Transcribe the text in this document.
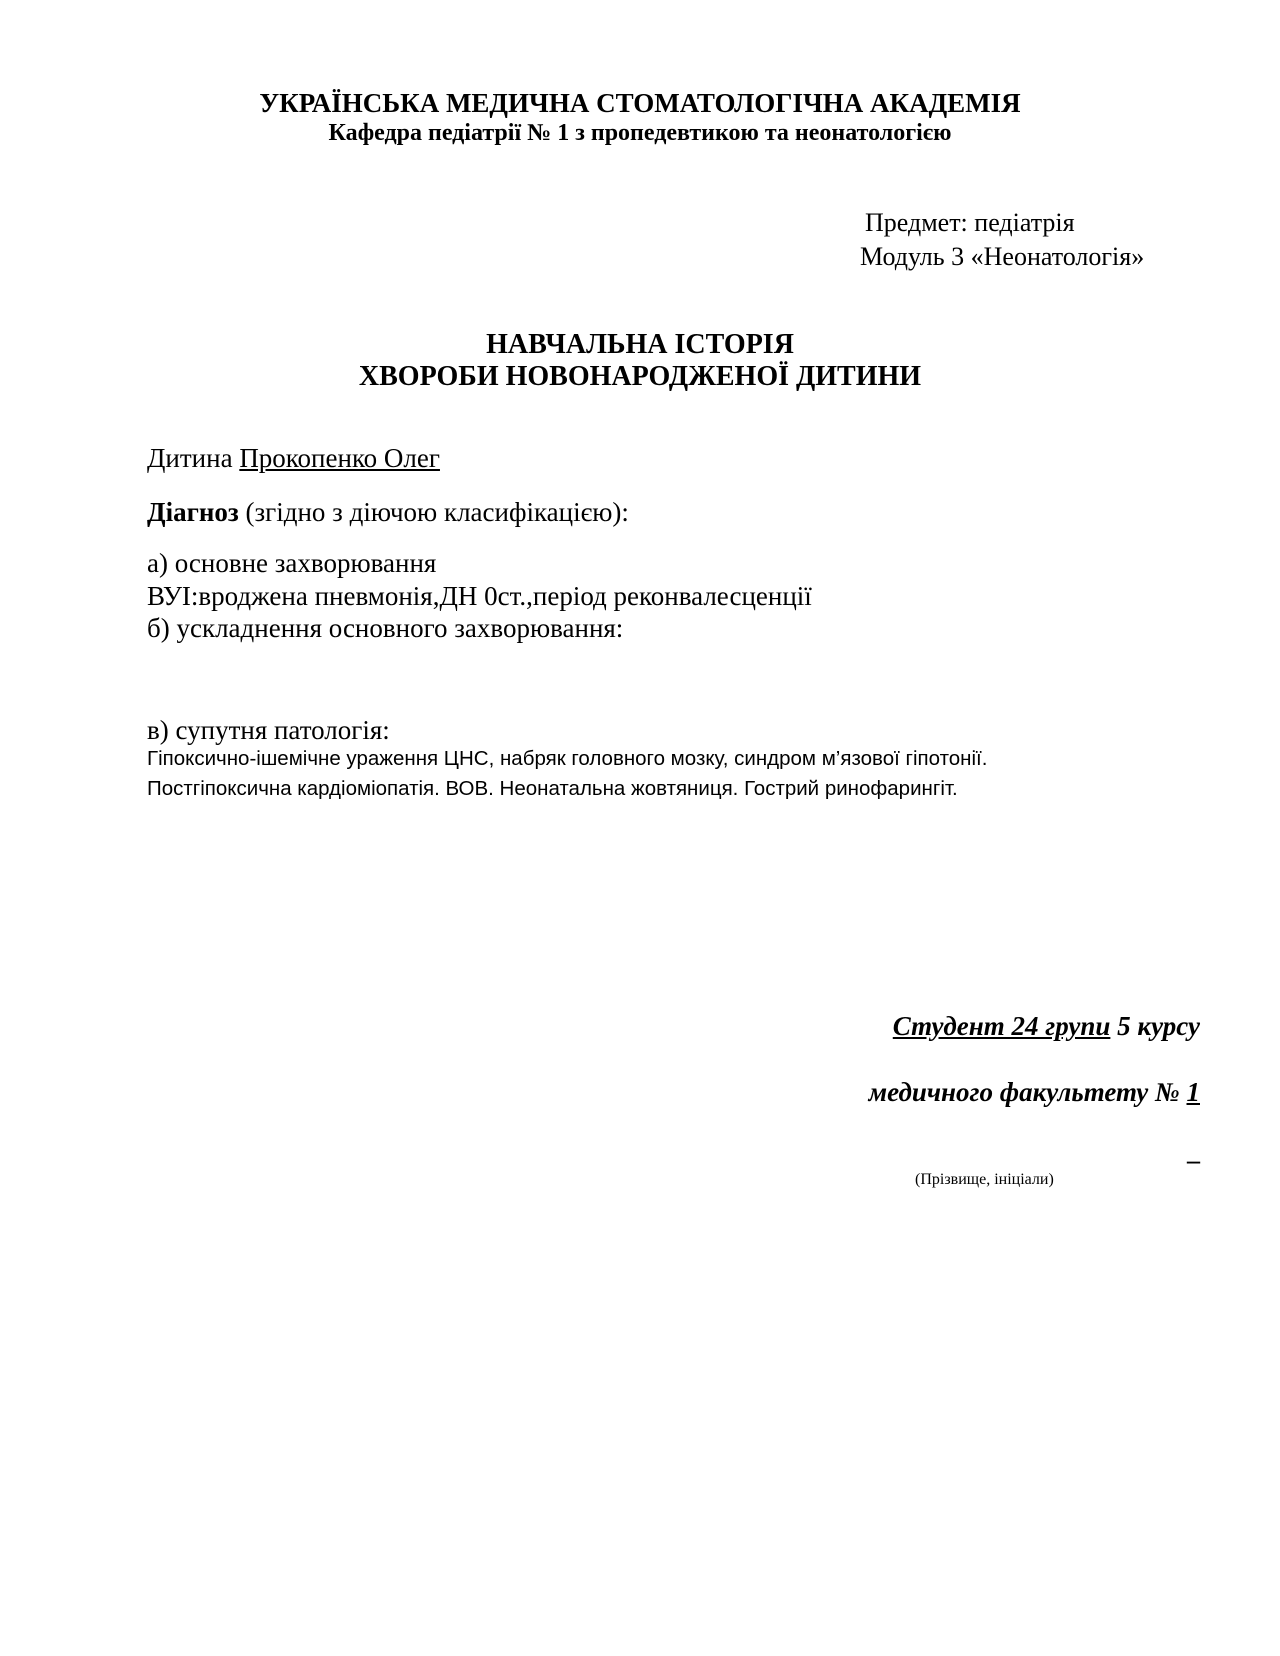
УКРАЇНСЬКА МЕДИЧНА СТОМАТОЛОГІЧНА АКАДЕМІЯ
Кафедра педіатрії № 1 з пропедевтикою та неонатологією
Предмет: педіатрія
Модуль 3 «Неонатологія»
НАВЧАЛЬНА ІСТОРІЯ
ХВОРОБИ НОВОНАРОДЖЕНОЇ ДИТИНИ
Дитина Прокопенко Олег
Діагноз (згідно з діючою класифікацією):
а) основне захворювання
ВУІ:вроджена пневмонія,ДН 0ст.,період реконвалесценції
б) ускладнення основного захворювання:
в) супутня патологія:
Гіпоксично-ішемічне ураження ЦНС, набряк головного мозку, синдром м’язової гіпотонії.
Постгіпоксична кардіоміопатія. ВОВ. Неонатальна жовтяниця. Гострий ринофарингіт.
Студент 24 групи 5 курсу
медичного факультету № 1
_
(Прізвище, ініціали)
